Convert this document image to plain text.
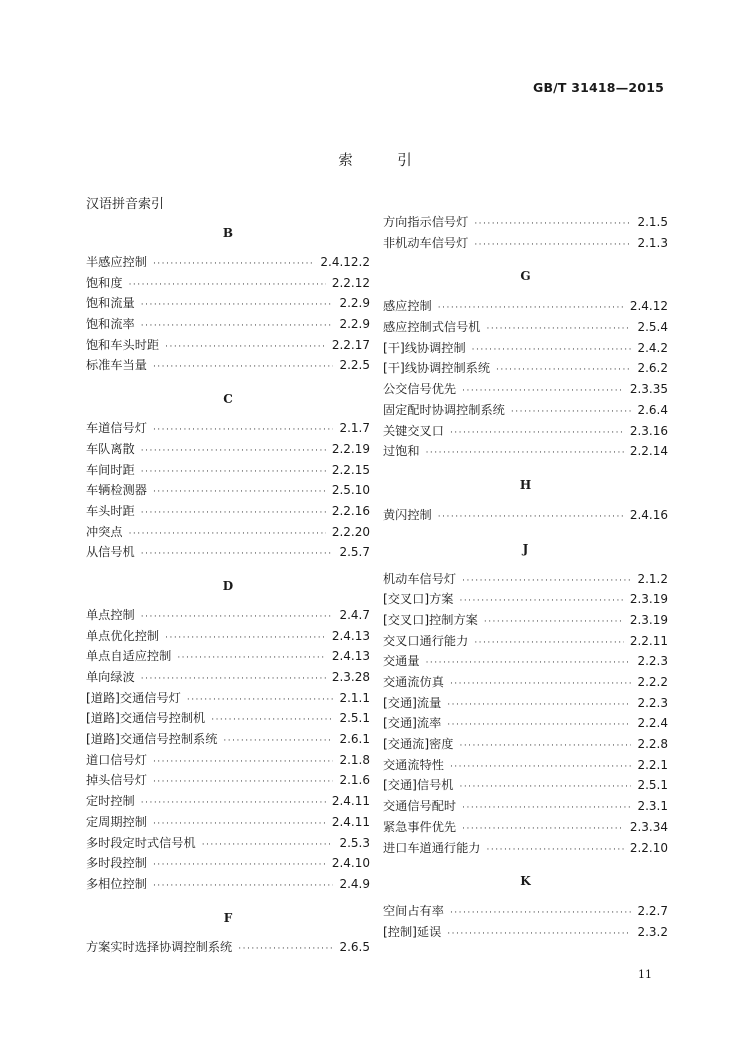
GB/T 31418—2015
索 引
汉语拼音索引
B
半感应控制 ·····	2.4.12.2
饱和度 ·····	2.2.12
饱和流量 ·····	2.2.9
饱和流率 ·····	2.2.9
饱和车头时距 ·····	2.2.17
标准车当量 ·····	2.2.5
C
车道信号灯 ·····	2.1.7
车队离散 ·····	2.2.19
车间时距 ·····	2.2.15
车辆检测器 ·····	2.5.10
车头时距 ·····	2.2.16
冲突点 ·····	2.2.20
从信号机 ·····	2.5.7
D
单点控制 ·····	2.4.7
单点优化控制 ·····	2.4.13
单点自适应控制 ·····	2.4.13
单向绿波 ·····	2.3.28
[道路]交通信号灯 ·····	2.1.1
[道路]交通信号控制机 ·····	2.5.1
[道路]交通信号控制系统 ·····	2.6.1
道口信号灯 ·····	2.1.8
掉头信号灯 ·····	2.1.6
定时控制 ·····	2.4.11
定周期控制 ·····	2.4.11
多时段定时式信号机 ·····	2.5.3
多时段控制 ·····	2.4.10
多相位控制 ·····	2.4.9
F
方案实时选择协调控制系统 ·····	2.6.5
方向指示信号灯 ·····	2.1.5
非机动车信号灯 ·····	2.1.3
G
感应控制 ·····	2.4.12
感应控制式信号机 ·····	2.5.4
[干]线协调控制 ·····	2.4.2
[干]线协调控制系统 ·····	2.6.2
公交信号优先 ·····	2.3.35
固定配时协调控制系统 ·····	2.6.4
关键交叉口 ·····	2.3.16
过饱和 ·····	2.2.14
H
黄闪控制 ·····	2.4.16
J
机动车信号灯 ·····	2.1.2
[交叉口]方案 ·····	2.3.19
[交叉口]控制方案 ·····	2.3.19
交叉口通行能力 ·····	2.2.11
交通量 ·····	2.2.3
交通流仿真 ·····	2.2.2
[交通]流量 ·····	2.2.3
[交通]流率 ·····	2.2.4
[交通流]密度 ·····	2.2.8
交通流特性 ·····	2.2.1
[交通]信号机 ·····	2.5.1
交通信号配时 ·····	2.3.1
紧急事件优先 ·····	2.3.34
进口车道通行能力 ·····	2.2.10
K
空间占有率 ·····	2.2.7
[控制]延误 ·····	2.3.2
11
